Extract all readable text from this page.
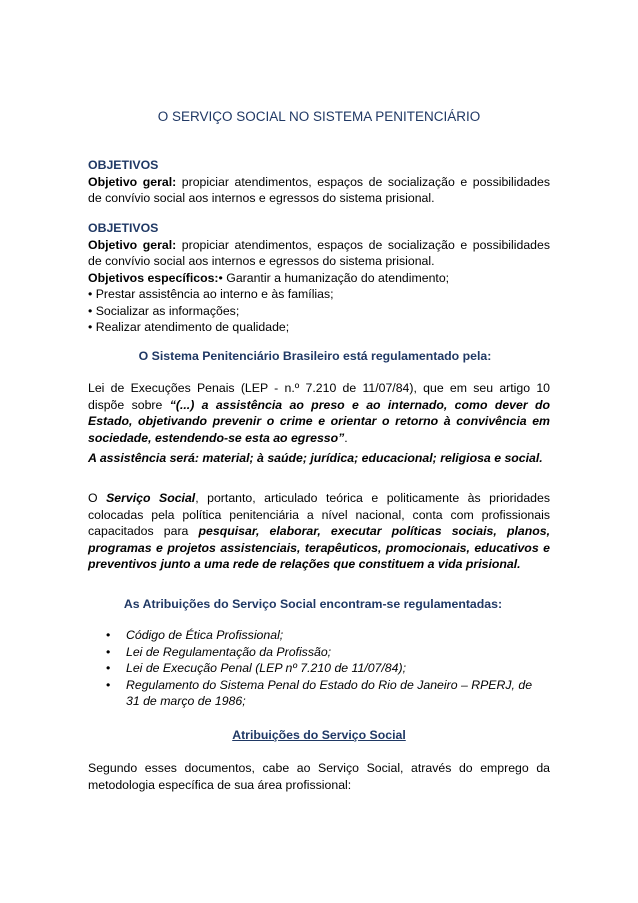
O SERVIÇO SOCIAL NO SISTEMA PENITENCIÁRIO
OBJETIVOS
Objetivo geral: propiciar atendimentos, espaços de socialização e possibilidades de convívio social aos internos e egressos do sistema prisional.
OBJETIVOS
Objetivo geral: propiciar atendimentos, espaços de socialização e possibilidades de convívio social aos internos e egressos do sistema prisional.
Objetivos específicos:• Garantir a humanização do atendimento;
• Prestar assistência ao interno e às famílias;
• Socializar as informações;
• Realizar atendimento de qualidade;
O Sistema Penitenciário Brasileiro está regulamentado pela:
Lei de Execuções Penais (LEP - n.º 7.210 de 11/07/84), que em seu artigo 10 dispõe sobre “(...) a assistência ao preso e ao internado, como dever do Estado, objetivando prevenir o crime e orientar o retorno à convivência em sociedade, estendendo-se esta ao egresso”.
A assistência será: material; à saúde; jurídica; educacional; religiosa e social.
O Serviço Social, portanto, articulado teórica e politicamente às prioridades colocadas pela política penitenciária a nível nacional, conta com profissionais capacitados para pesquisar, elaborar, executar políticas sociais, planos, programas e projetos assistenciais, terapêuticos, promocionais, educativos e preventivos junto a uma rede de relações que constituem a vida prisional.
As Atribuições do Serviço Social encontram-se regulamentadas:
• Código de Ética Profissional;
• Lei de Regulamentação da Profissão;
• Lei de Execução Penal (LEP nº 7.210 de 11/07/84);
• Regulamento do Sistema Penal do Estado do Rio de Janeiro – RPERJ, de 31 de março de 1986;
Atribuições do Serviço Social
Segundo esses documentos, cabe ao Serviço Social, através do emprego da metodologia específica de sua área profissional:
